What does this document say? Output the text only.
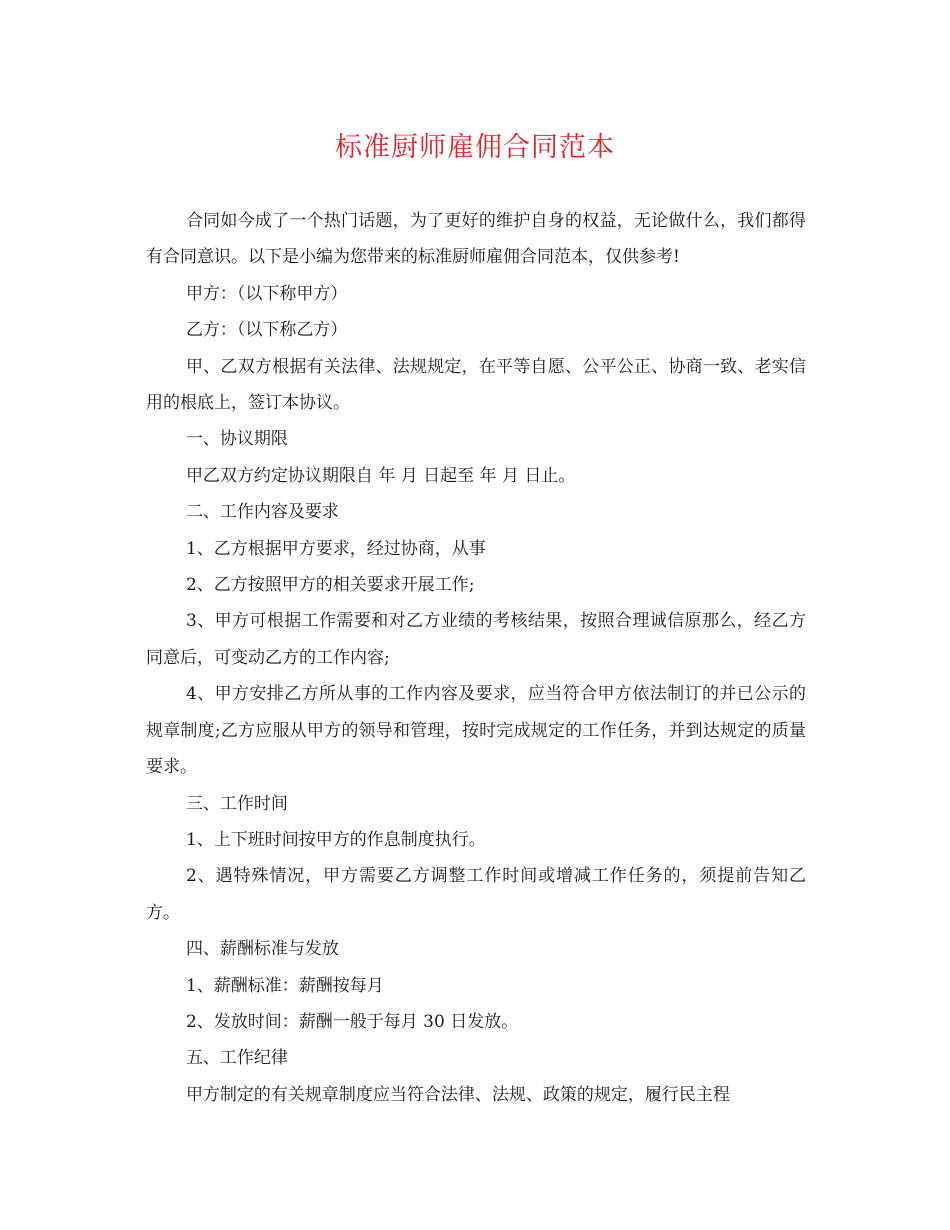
标准厨师雇佣合同范本

合同如今成了一个热门话题，为了更好的维护自身的权益，无论做什么，我们都得有合同意识。以下是小编为您带来的标准厨师雇佣合同范本，仅供参考!

甲方：（以下称甲方）

乙方：（以下称乙方）

甲、乙双方根据有关法律、法规规定，在平等自愿、公平公正、协商一致、老实信用的根底上，签订本协议。

一、协议期限

甲乙双方约定协议期限自 年 月 日起至 年 月 日止。

二、工作内容及要求

1、乙方根据甲方要求，经过协商，从事

2、乙方按照甲方的相关要求开展工作;

3、甲方可根据工作需要和对乙方业绩的考核结果，按照合理诚信原那么，经乙方同意后，可变动乙方的工作内容;

4、甲方安排乙方所从事的工作内容及要求，应当符合甲方依法制订的并已公示的规章制度;乙方应服从甲方的领导和管理，按时完成规定的工作任务，并到达规定的质量要求。

三、工作时间

1、上下班时间按甲方的作息制度执行。

2、遇特殊情况，甲方需要乙方调整工作时间或增减工作任务的，须提前告知乙方。

四、薪酬标准与发放

1、薪酬标准：薪酬按每月

2、发放时间：薪酬一般于每月 30 日发放。

五、工作纪律

甲方制定的有关规章制度应当符合法律、法规、政策的规定，履行民主程
